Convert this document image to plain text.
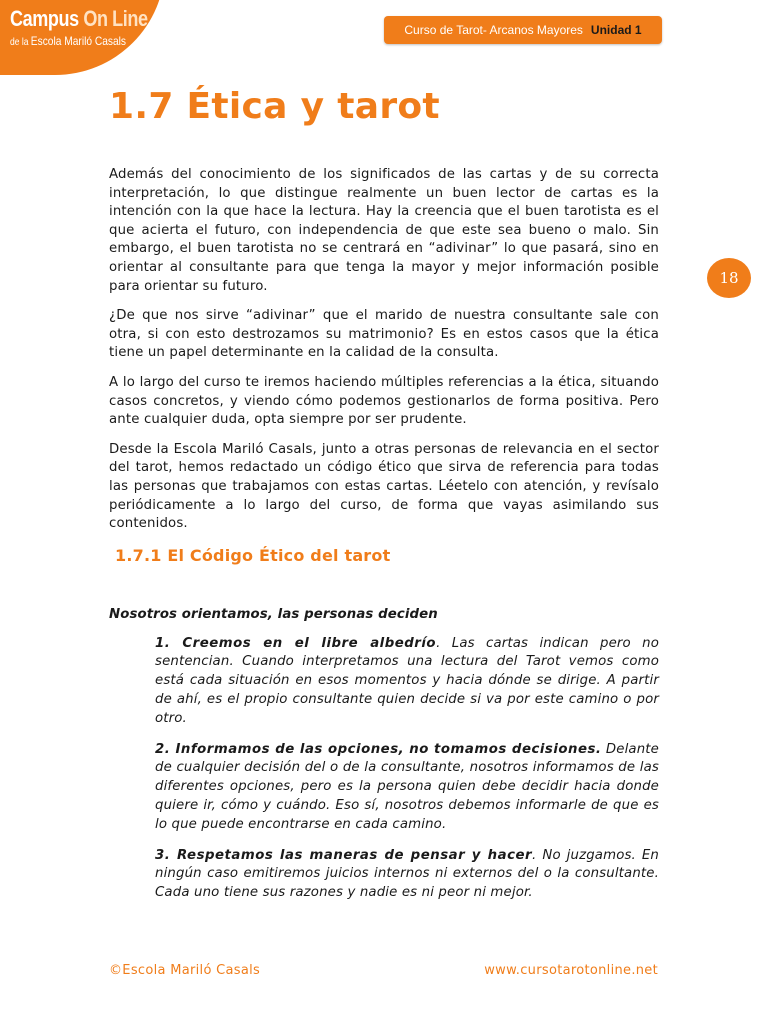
Campus On Line
de la Escola Mariló Casals
Curso de Tarot- Arcanos Mayores Unidad 1
18
1.7 Ética y tarot

Además del conocimiento de los significados de las cartas y de su correcta interpretación, lo que distingue realmente un buen lector de cartas es la intención con la que hace la lectura. Hay la creencia que el buen tarotista es el que acierta el futuro, con independencia de que este sea bueno o malo. Sin embargo, el buen tarotista no se centrará en “adivinar” lo que pasará, sino en orientar al consultante para que tenga la mayor y mejor información posible para orientar su futuro.

¿De que nos sirve “adivinar” que el marido de nuestra consultante sale con otra, si con esto destrozamos su matrimonio? Es en estos casos que la ética tiene un papel determinante en la calidad de la consulta.

A lo largo del curso te iremos haciendo múltiples referencias a la ética, situando casos concretos, y viendo cómo podemos gestionarlos de forma positiva. Pero ante cualquier duda, opta siempre por ser prudente.

Desde la Escola Mariló Casals, junto a otras personas de relevancia en el sector del tarot, hemos redactado un código ético que sirva de referencia para todas las personas que trabajamos con estas cartas. Léetelo con atención, y revísalo periódicamente a lo largo del curso, de forma que vayas asimilando sus contenidos.

1.7.1 El Código Ético del tarot
Nosotros orientamos, las personas deciden

1. Creemos en el libre albedrío. Las cartas indican pero no sentencian. Cuando interpretamos una lectura del Tarot vemos como está cada situación en esos momentos y hacia dónde se dirige. A partir de ahí, es el propio consultante quien decide si va por este camino o por otro.

2. Informamos de las opciones, no tomamos decisiones. Delante de cualquier decisión del o de la consultante, nosotros informamos de las diferentes opciones, pero es la persona quien debe decidir hacia donde quiere ir, cómo y cuándo. Eso sí, nosotros debemos informarle de que es lo que puede encontrarse en cada camino.

3. Respetamos las maneras de pensar y hacer. No juzgamos. En ningún caso emitiremos juicios internos ni externos del o la consultante. Cada uno tiene sus razones y nadie es ni peor ni mejor.

©Escola Mariló Casals	www.cursotarotonline.net
